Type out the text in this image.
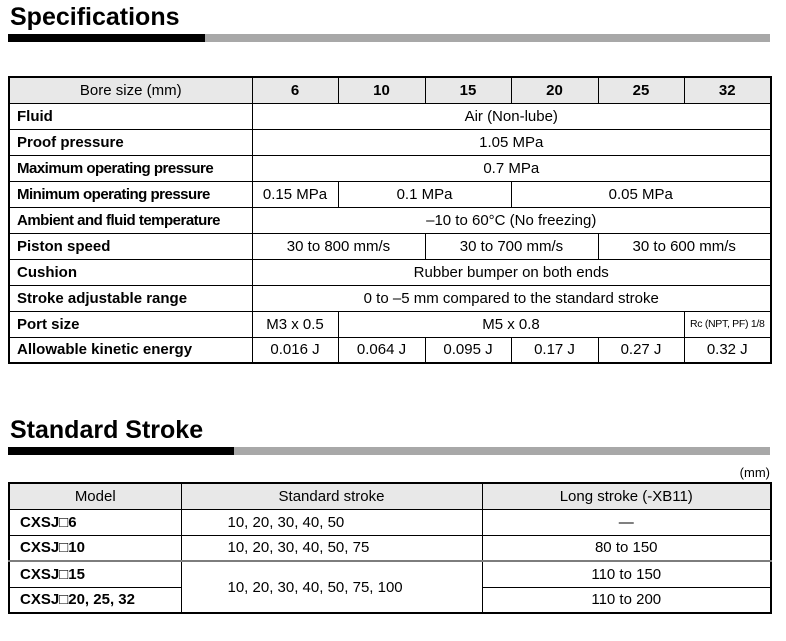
Specifications
Bore size (mm)	6	10	15	20	25	32
Fluid	Air (Non-lube)					
Proof pressure	1.05 MPa					
Maximum operating pressure	0.7 MPa					
Minimum operating pressure	0.15 MPa	0.1 MPa		0.05 MPa		
Ambient and fluid temperature	–10 to 60°C (No freezing)					
Piston speed	30 to 800 mm/s		30 to 700 mm/s		30 to 600 mm/s	
Cushion	Rubber bumper on both ends					
Stroke adjustable range	0 to –5 mm compared to the standard stroke					
Port size	M3 x 0.5	M5 x 0.8				Rc (NPT, PF) 1/8
Allowable kinetic energy	0.016 J	0.064 J	0.095 J	0.17 J	0.27 J	0.32 J
Standard Stroke
(mm)
Model	Standard stroke	Long stroke (-XB11)
CXSJ□6	10, 20, 30, 40, 50	—
CXSJ□10	10, 20, 30, 40, 50, 75	80 to 150
CXSJ□15	10, 20, 30, 40, 50, 75, 100	110 to 150
CXSJ□20, 25, 32		110 to 200
